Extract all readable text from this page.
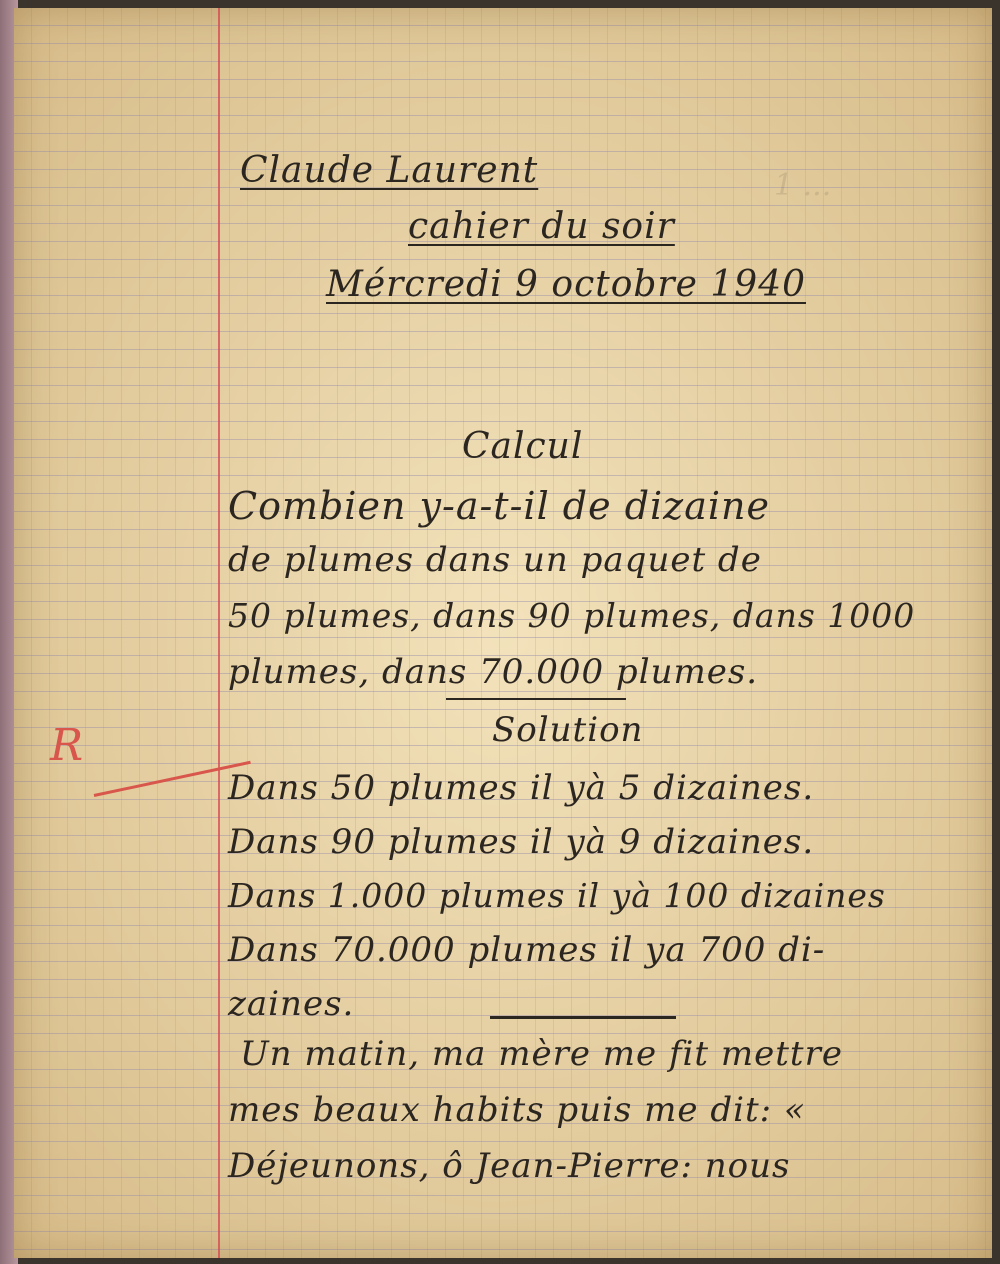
1 ...

Claude Laurent

cahier du soir

Mércredi 9 octobre 1940

Calcul

Combien y-a-t-il de dizaine

de plumes dans un paquet de

50 plumes, dans 90 plumes, dans 1000

plumes, dans 70.000 plumes.

Solution

R

Dans 50 plumes il yà 5 dizaines.

Dans 90 plumes il yà 9 dizaines.

Dans 1.000 plumes il yà 100 dizaines

Dans 70.000 plumes il ya 700 di-

zaines.

Un matin, ma mère me fit mettre

mes beaux habits puis me dit: «

Déjeunons, ô Jean-Pierre: nous
